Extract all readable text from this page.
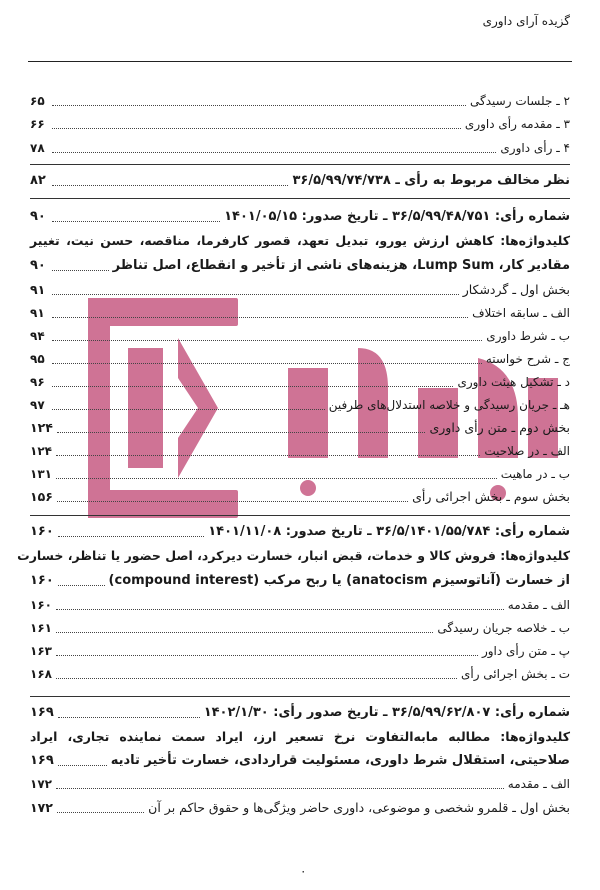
گزیده آرای داوری
۲ ـ جلسات رسیدگی
۶۵
۳ ـ مقدمه رأی داوری
۶۶
۴ ـ رأی داوری
۷۸
نظر مخالف مربوط به رأی ـ ۳۶/۵/۹۹/۷۴/۷۳۸
۸۲
شماره رأی: ۳۶/۵/۹۹/۴۸/۷۵۱ ـ تاریخ صدور: ۱۴۰۱/۰۵/۱۵
۹۰
کلیدواژه‌ها: کاهش ارزش یورو، تبدیل تعهد، قصور کارفرما، مناقصه، حسن نیت، تغییر
مقادیر کار، Lump Sum، هزینه‌های ناشی از تأخیر و انقطاع، اصل تناظر
۹۰
بخش اول ـ گردشکار
۹۱
الف ـ سابقه اختلاف
۹۱
ب ـ شرط داوری
۹۴
ج ـ شرح خواسته
۹۵
د ـ تشکیل هیئت داوری
۹۶
هـ ـ جریان رسیدگی و خلاصه استدلال‌های طرفین
۹۷
بخش دوم ـ متن رأی داوری
۱۲۴
الف ـ در صلاحیت
۱۲۴
ب ـ در ماهیت
۱۳۱
بخش سوم ـ بخش اجرائی رأی
۱۵۶
شماره رأی: ۳۶/۵/۱۴۰۱/۵۵/۷۸۴ ـ تاریخ صدور: ۱۴۰۱/۱۱/۰۸
۱۶۰
کلیدواژه‌ها: فروش کالا و خدمات، قبض انبار، خسارت دیرکرد، اصل حضور یا تناظر، خسارت
از خسارت (آناتوسیزم anatocism) یا ربح مرکب (compound interest)
۱۶۰
الف ـ مقدمه
۱۶۰
ب ـ خلاصه جریان رسیدگی
۱۶۱
پ ـ متن رأی داور
۱۶۳
ت ـ بخش اجرائی رأی
۱۶۸
شماره رأی: ۳۶/۵/۹۹/۶۲/۸۰۷ ـ تاریخ صدور رأی: ۱۴۰۲/۱/۳۰
۱۶۹
کلیدواژه‌ها: مطالبه مابه‌التفاوت نرخ تسعیر ارز، ایراد سمت نماینده تجاری، ایراد
صلاحیتی، استقلال شرط داوری، مسئولیت قراردادی، خسارت تأخیر تادیه
۱۶۹
الف ـ مقدمه
۱۷۲
بخش اول ـ قلمرو شخصی و موضوعی، داوری حاضر ویژگی‌ها و حقوق حاکم بر آن
۱۷۲
۰
